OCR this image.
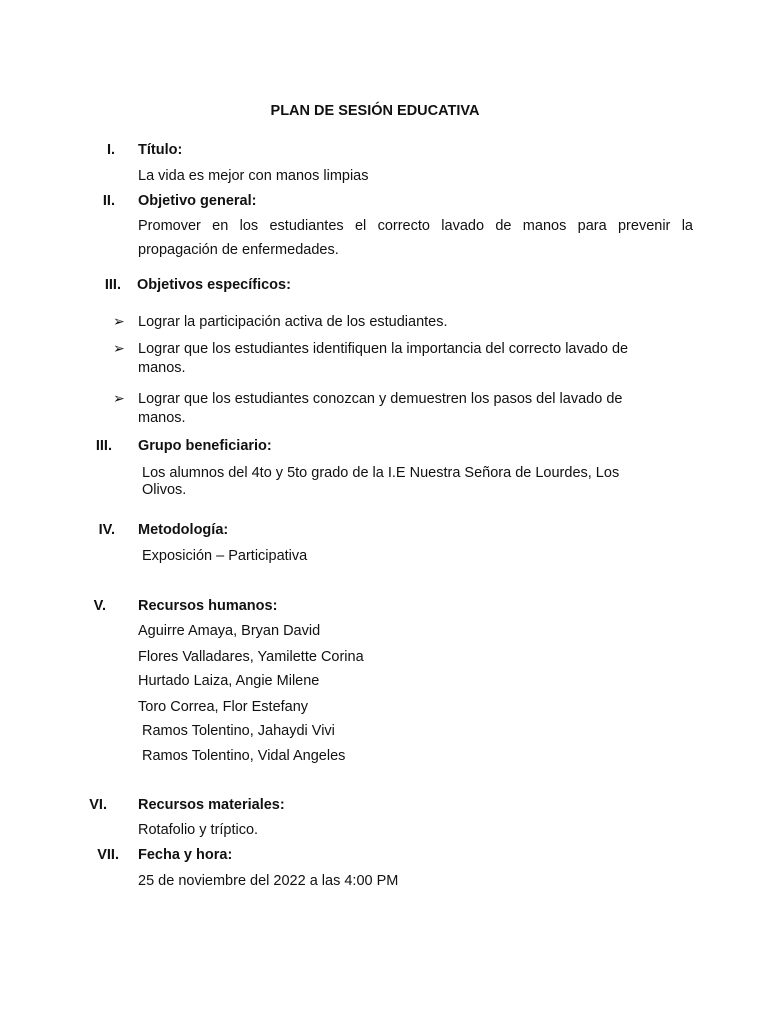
PLAN DE SESIÓN EDUCATIVA
I. Título:
La vida es mejor con manos limpias
II. Objetivo general:
Promover en los estudiantes el correcto lavado de manos para prevenir la propagación de enfermedades.
III. Objetivos específicos:
➢ Lograr la participación activa de los estudiantes.
➢ Lograr que los estudiantes identifiquen la importancia del correcto lavado de manos.
➢ Lograr que los estudiantes conozcan y demuestren los pasos del lavado de manos.
III. Grupo beneficiario:
Los alumnos del 4to y 5to grado de la I.E Nuestra Señora de Lourdes, Los Olivos.
IV. Metodología:
Exposición – Participativa
V. Recursos humanos:
Aguirre Amaya, Bryan David
Flores Valladares, Yamilette Corina
Hurtado Laiza, Angie Milene
Toro Correa, Flor Estefany
Ramos Tolentino, Jahaydi Vivi
Ramos Tolentino, Vidal Angeles
VI. Recursos materiales:
Rotafolio y tríptico.
VII. Fecha y hora:
25 de noviembre del 2022 a las 4:00 PM
